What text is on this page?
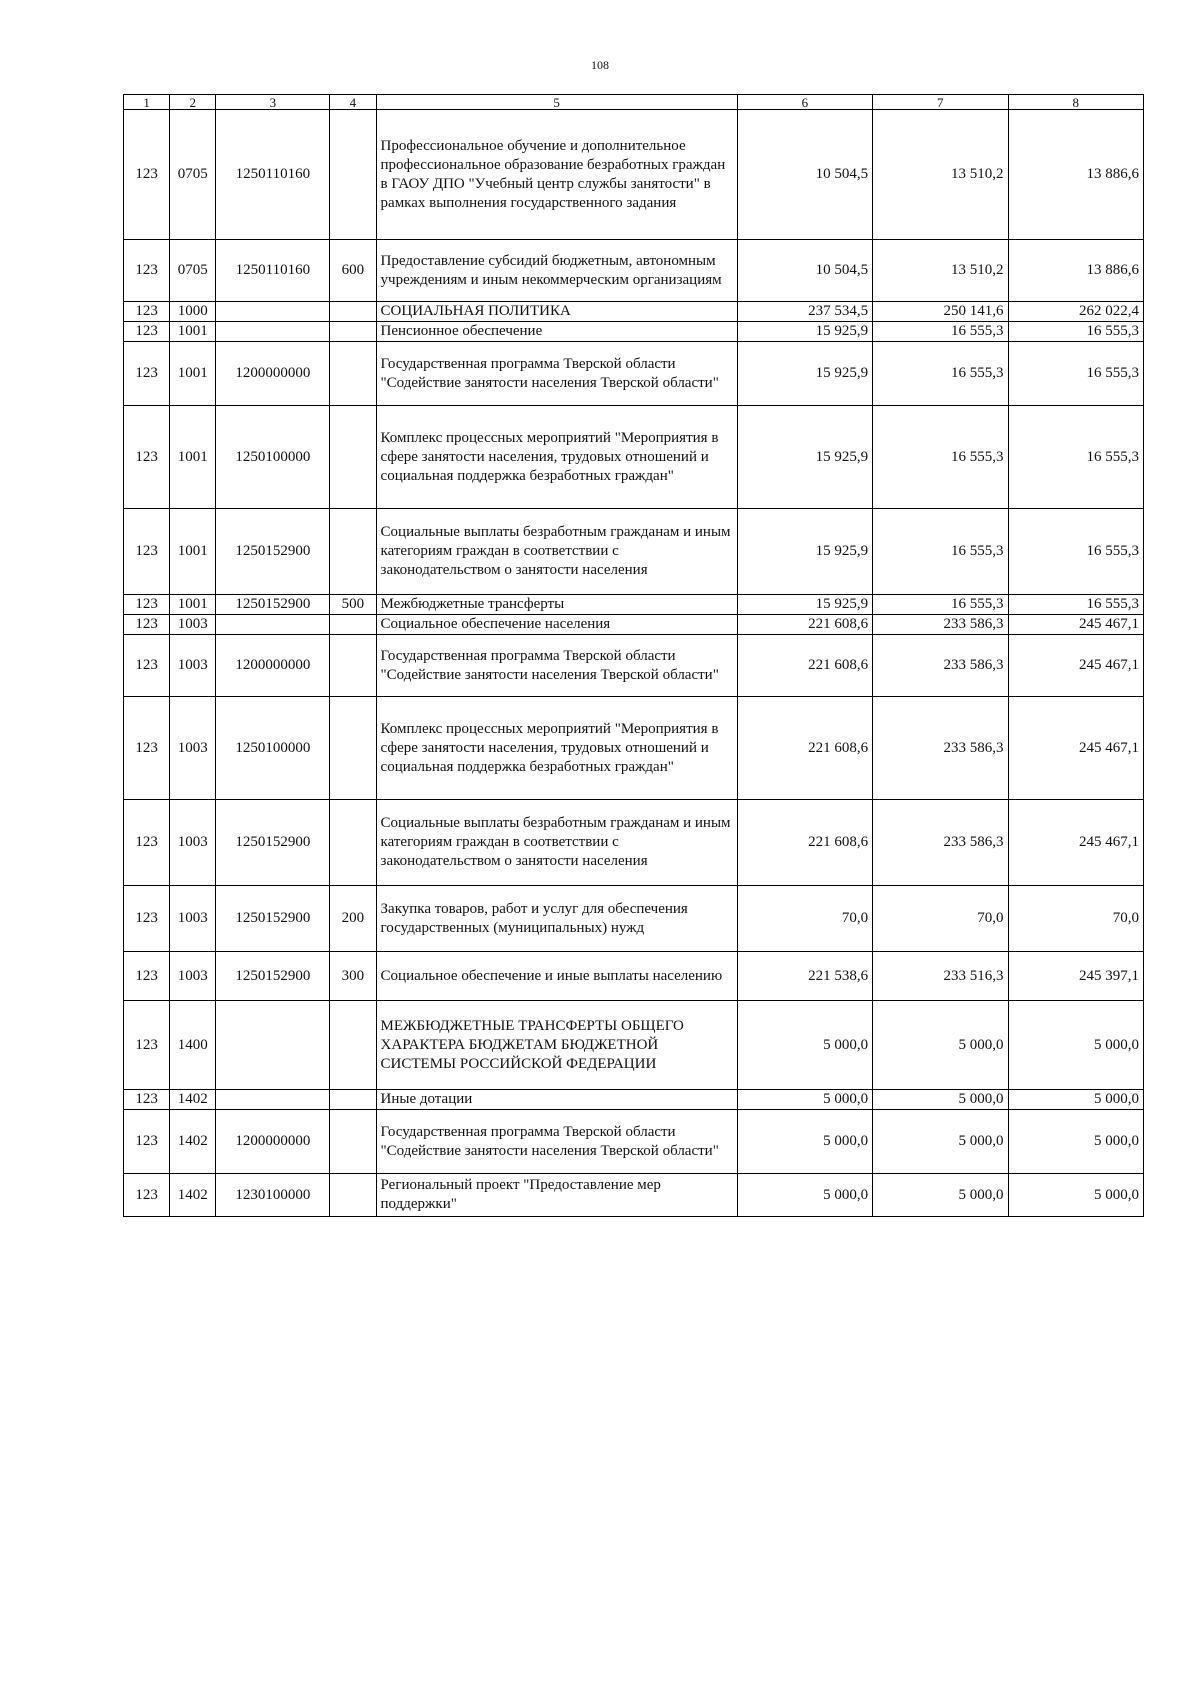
108
1	2	3	4	5	6	7	8
123	0705	1250110160		Профессиональное обучение и дополнительное профессиональное образование безработных граждан в ГАОУ ДПО "Учебный центр службы занятости" в рамках выполнения государственного задания	10 504,5	13 510,2	13 886,6
123	0705	1250110160	600	Предоставление субсидий бюджетным, автономным учреждениям и иным некоммерческим организациям	10 504,5	13 510,2	13 886,6
123	1000			СОЦИАЛЬНАЯ ПОЛИТИКА	237 534,5	250 141,6	262 022,4
123	1001			Пенсионное обеспечение	15 925,9	16 555,3	16 555,3
123	1001	1200000000		Государственная программа Тверской области "Содействие занятости населения Тверской области"	15 925,9	16 555,3	16 555,3
123	1001	1250100000		Комплекс процессных мероприятий "Мероприятия в сфере занятости населения, трудовых отношений и социальная поддержка безработных граждан"	15 925,9	16 555,3	16 555,3
123	1001	1250152900		Социальные выплаты безработным гражданам и иным категориям граждан в соответствии с законодательством о занятости населения	15 925,9	16 555,3	16 555,3
123	1001	1250152900	500	Межбюджетные трансферты	15 925,9	16 555,3	16 555,3
123	1003			Социальное обеспечение населения	221 608,6	233 586,3	245 467,1
123	1003	1200000000		Государственная программа Тверской области "Содействие занятости населения Тверской области"	221 608,6	233 586,3	245 467,1
123	1003	1250100000		Комплекс процессных мероприятий "Мероприятия в сфере занятости населения, трудовых отношений и социальная поддержка безработных граждан"	221 608,6	233 586,3	245 467,1
123	1003	1250152900		Социальные выплаты безработным гражданам и иным категориям граждан в соответствии с законодательством о занятости населения	221 608,6	233 586,3	245 467,1
123	1003	1250152900	200	Закупка товаров, работ и услуг для обеспечения государственных (муниципальных) нужд	70,0	70,0	70,0
123	1003	1250152900	300	Социальное обеспечение и иные выплаты населению	221 538,6	233 516,3	245 397,1
123	1400			МЕЖБЮДЖЕТНЫЕ ТРАНСФЕРТЫ ОБЩЕГО ХАРАКТЕРА БЮДЖЕТАМ БЮДЖЕТНОЙ СИСТЕМЫ РОССИЙСКОЙ ФЕДЕРАЦИИ	5 000,0	5 000,0	5 000,0
123	1402			Иные дотации	5 000,0	5 000,0	5 000,0
123	1402	1200000000		Государственная программа Тверской области "Содействие занятости населения Тверской области"	5 000,0	5 000,0	5 000,0
123	1402	1230100000		Региональный проект "Предоставление мер поддержки"	5 000,0	5 000,0	5 000,0
